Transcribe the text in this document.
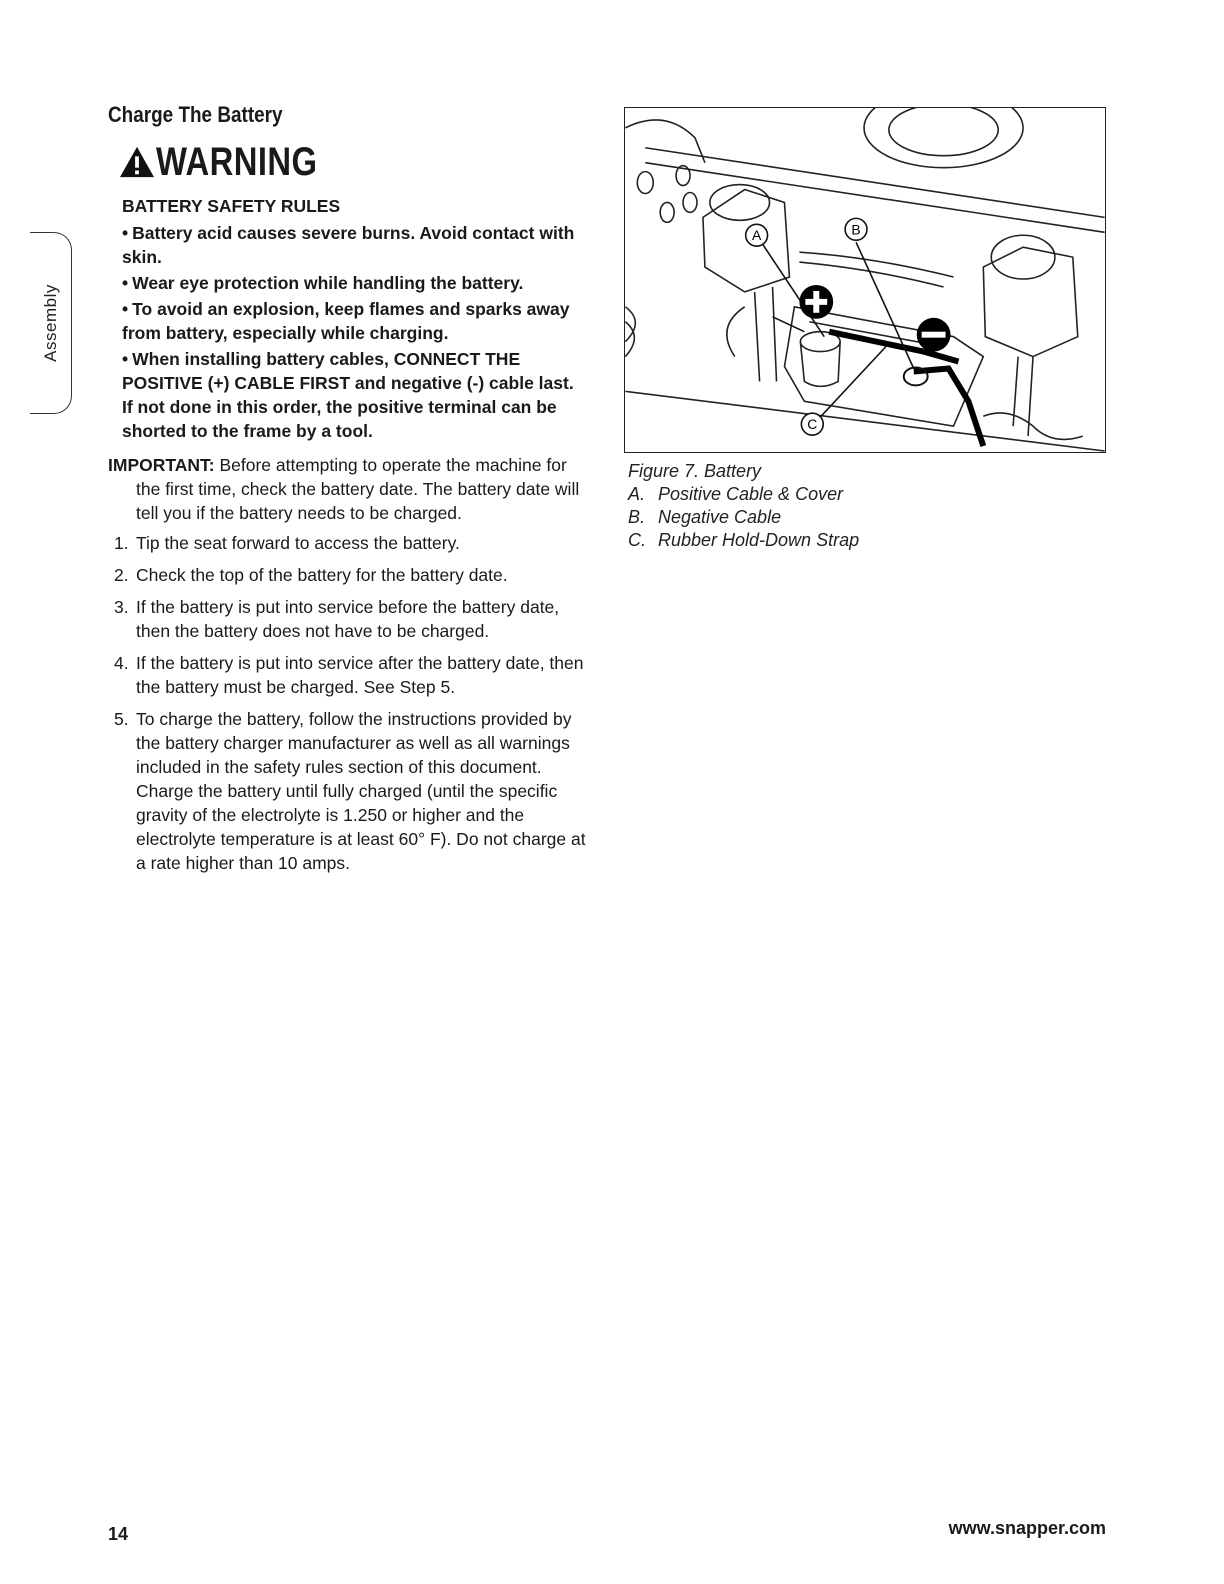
Assembly
Charge The Battery
WARNING
BATTERY SAFETY RULES
• Battery acid causes severe burns. Avoid contact with skin.
• Wear eye protection while handling the battery.
• To avoid an explosion, keep flames and sparks away from battery, especially while charging.
• When installing battery cables, CONNECT THE POSITIVE (+) CABLE FIRST and negative (-) cable last. If not done in this order, the positive terminal can be shorted to the frame by a tool.
IMPORTANT: Before attempting to operate the machine for the first time, check the battery date. The battery date will tell you if the battery needs to be charged.
1. Tip the seat forward to access the battery.
2. Check the top of the battery for the battery date.
3. If the battery is put into service before the battery date, then the battery does not have to be charged.
4. If the battery is put into service after the battery date, then the battery must be charged. See Step 5.
5. To charge the battery, follow the instructions provided by the battery charger manufacturer as well as all warnings included in the safety rules section of this document. Charge the battery until fully charged (until the specific gravity of the electrolyte is 1.250 or higher and the electrolyte temperature is at least 60° F). Do not charge at a rate higher than 10 amps.
A	B
C
Figure 7. Battery
A. Positive Cable & Cover
B. Negative Cable
C. Rubber Hold-Down Strap
14	www.snapper.com
